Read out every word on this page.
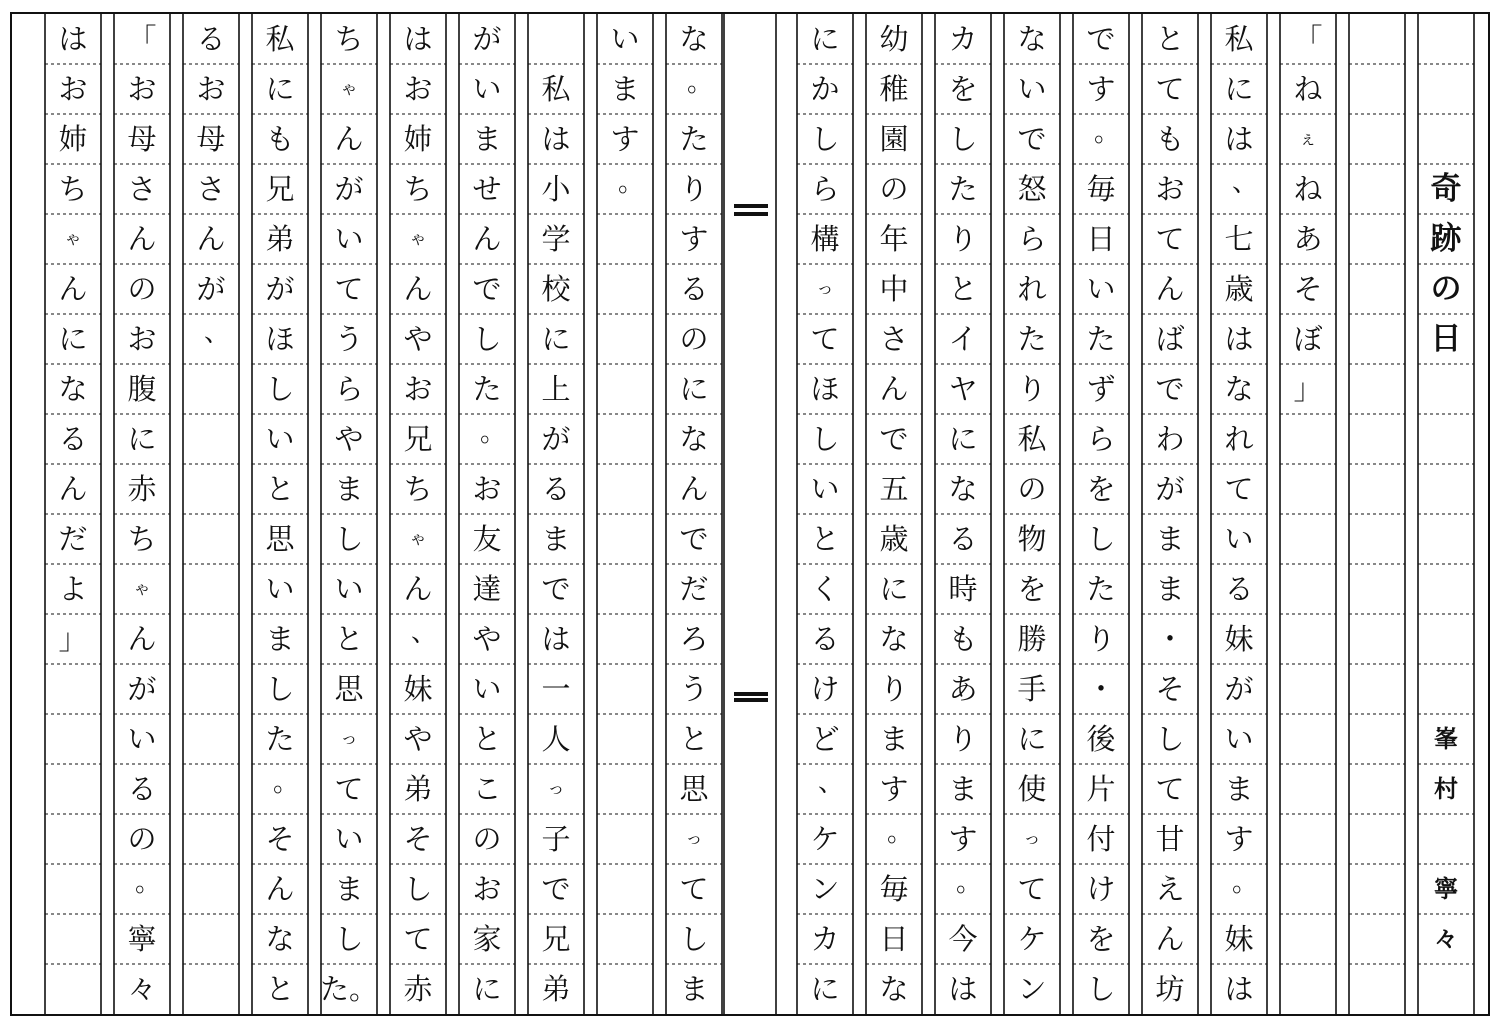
奇
跡
の
日
峯
村
寧
々
「
ね
ぇ
ね
あ
そ
ぼ
」
私
に
は
、
七
歳
は
な
れ
て
い
る
妹
が
い
ま
す
。
妹
は
と
て
も
お
て
ん
ば
で
わ
が
ま
ま
・
そ
し
て
甘
え
ん
坊
で
す
。
毎
日
い
た
ず
ら
を
し
た
り
・
後
片
付
け
を
し
な
い
で
怒
ら
れ
た
り
私
の
物
を
勝
手
に
使
っ
て
ケ
ン
カ
を
し
た
り
と
イ
ヤ
に
な
る
時
も
あ
り
ま
す
。
今
は
幼
稚
園
の
年
中
さ
ん
で
五
歳
に
な
り
ま
す
。
毎
日
な
に
か
し
ら
構
っ
て
ほ
し
い
と
く
る
け
ど
、
ケ
ン
カ
に
な
。
た
り
す
る
の
に
な
ん
で
だ
ろ
う
と
思
っ
て
し
ま
い
ま
す
。
私
は
小
学
校
に
上
が
る
ま
で
は
一
人
っ
子
で
兄
弟
が
い
ま
せ
ん
で
し
た
。
お
友
達
や
い
と
こ
の
お
家
に
は
お
姉
ち
ゃ
ん
や
お
兄
ち
ゃ
ん
、
妹
や
弟
そ
し
て
赤
ち
ゃ
ん
が
い
て
う
ら
や
ま
し
い
と
思
っ
て
い
ま
し
た。
私
に
も
兄
弟
が
ほ
し
い
と
思
い
ま
し
た
。
そ
ん
な
と
る
お
母
さ
ん
が
、
「
お
母
さ
ん
の
お
腹
に
赤
ち
ゃ
ん
が
い
る
の
。
寧
々
は
お
姉
ち
ゃ
ん
に
な
る
ん
だ
よ
」
